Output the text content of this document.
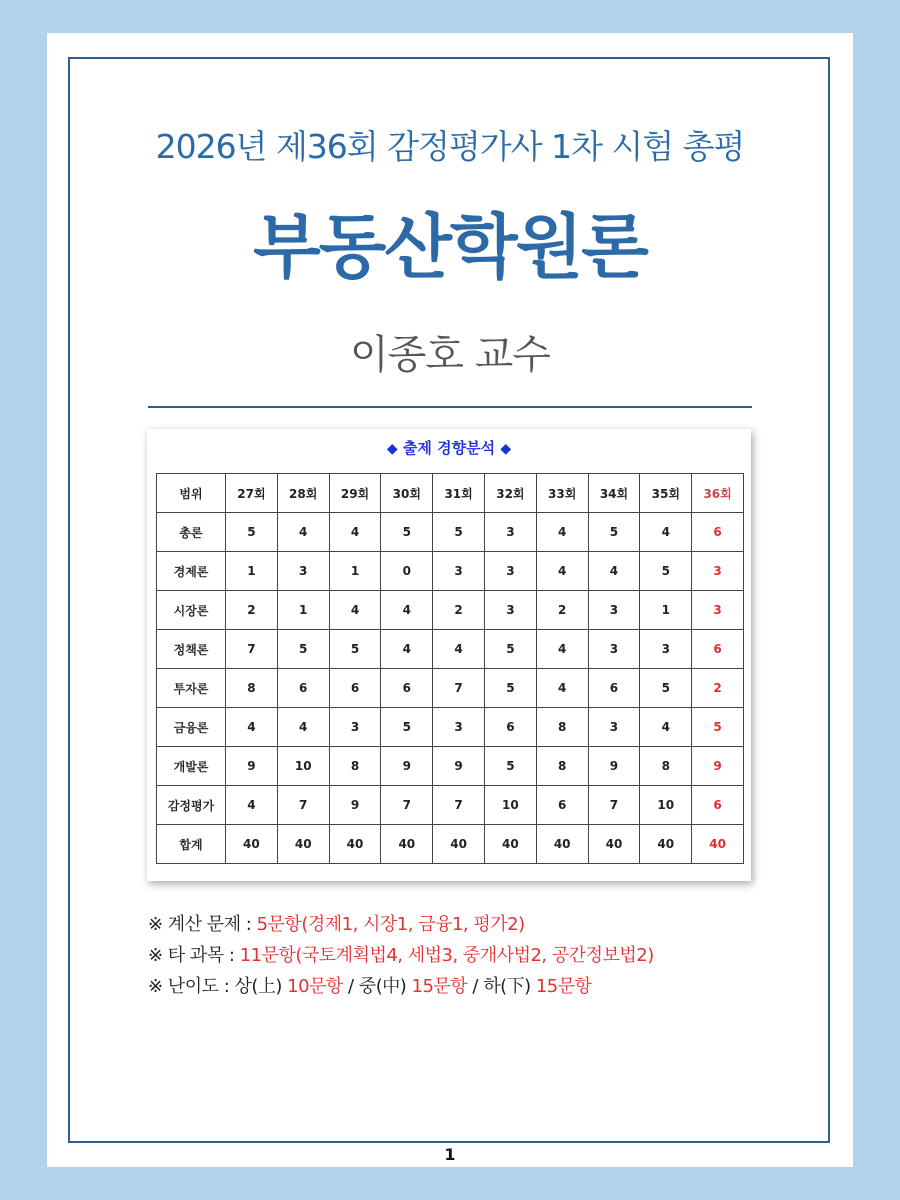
2026년 제36회 감정평가사 1차 시험 총평
부동산학원론
이종호 교수
◆ 출제 경향분석 ◆
범위	27회	28회	29회	30회	31회	32회	33회	34회	35회	36회
총론	5	4	4	5	5	3	4	5	4	6
경제론	1	3	1	0	3	3	4	4	5	3
시장론	2	1	4	4	2	3	2	3	1	3
정책론	7	5	5	4	4	5	4	3	3	6
투자론	8	6	6	6	7	5	4	6	5	2
금융론	4	4	3	5	3	6	8	3	4	5
개발론	9	10	8	9	9	5	8	9	8	9
감정평가	4	7	9	7	7	10	6	7	10	6
합계	40	40	40	40	40	40	40	40	40	40
※ 계산 문제 : 5문항(경제1, 시장1, 금융1, 평가2)
※ 타 과목 : 11문항(국토계획법4, 세법3, 중개사법2, 공간정보법2)
※ 난이도 : 상(上) 10문항 / 중(中) 15문항 / 하(下) 15문항
1
